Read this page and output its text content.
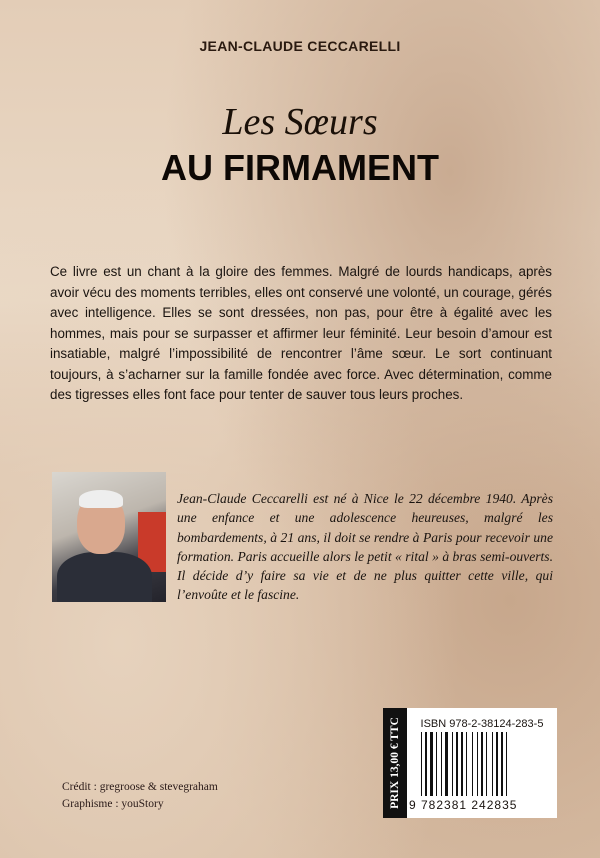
JEAN-CLAUDE CECCARELLI
Les Sœurs
AU FIRMAMENT

Ce livre est un chant à la gloire des femmes. Malgré de lourds handicaps, après avoir vécu des moments terribles, elles ont conservé une volonté, un courage, gérés avec intelligence. Elles se sont dressées, non pas, pour être à égalité avec les hommes, mais pour se surpasser et affirmer leur féminité. Leur besoin d’amour est insatiable, malgré l’impossibilité de rencontrer l’âme sœur. Le sort continuant toujours, à s’acharner sur la famille fondée avec force. Avec détermination, comme des tigresses elles font face pour tenter de sauver tous leurs proches.

Jean-Claude Ceccarelli est né à Nice le 22 décembre 1940. Après une enfance et une adolescence heureuses, malgré les bombardements, à 21 ans, il doit se rendre à Paris pour recevoir une formation. Paris accueille alors le petit « rital » à bras semi-ouverts. Il décide d’y faire sa vie et de ne plus quitter cette ville, qui l’envoûte et le fascine.

Crédit : gregroose & stevegraham
Graphisme : youStory	PRIX 13,00 € TTC	ISBN 978-2-38124-283-5
9 782381 242835
